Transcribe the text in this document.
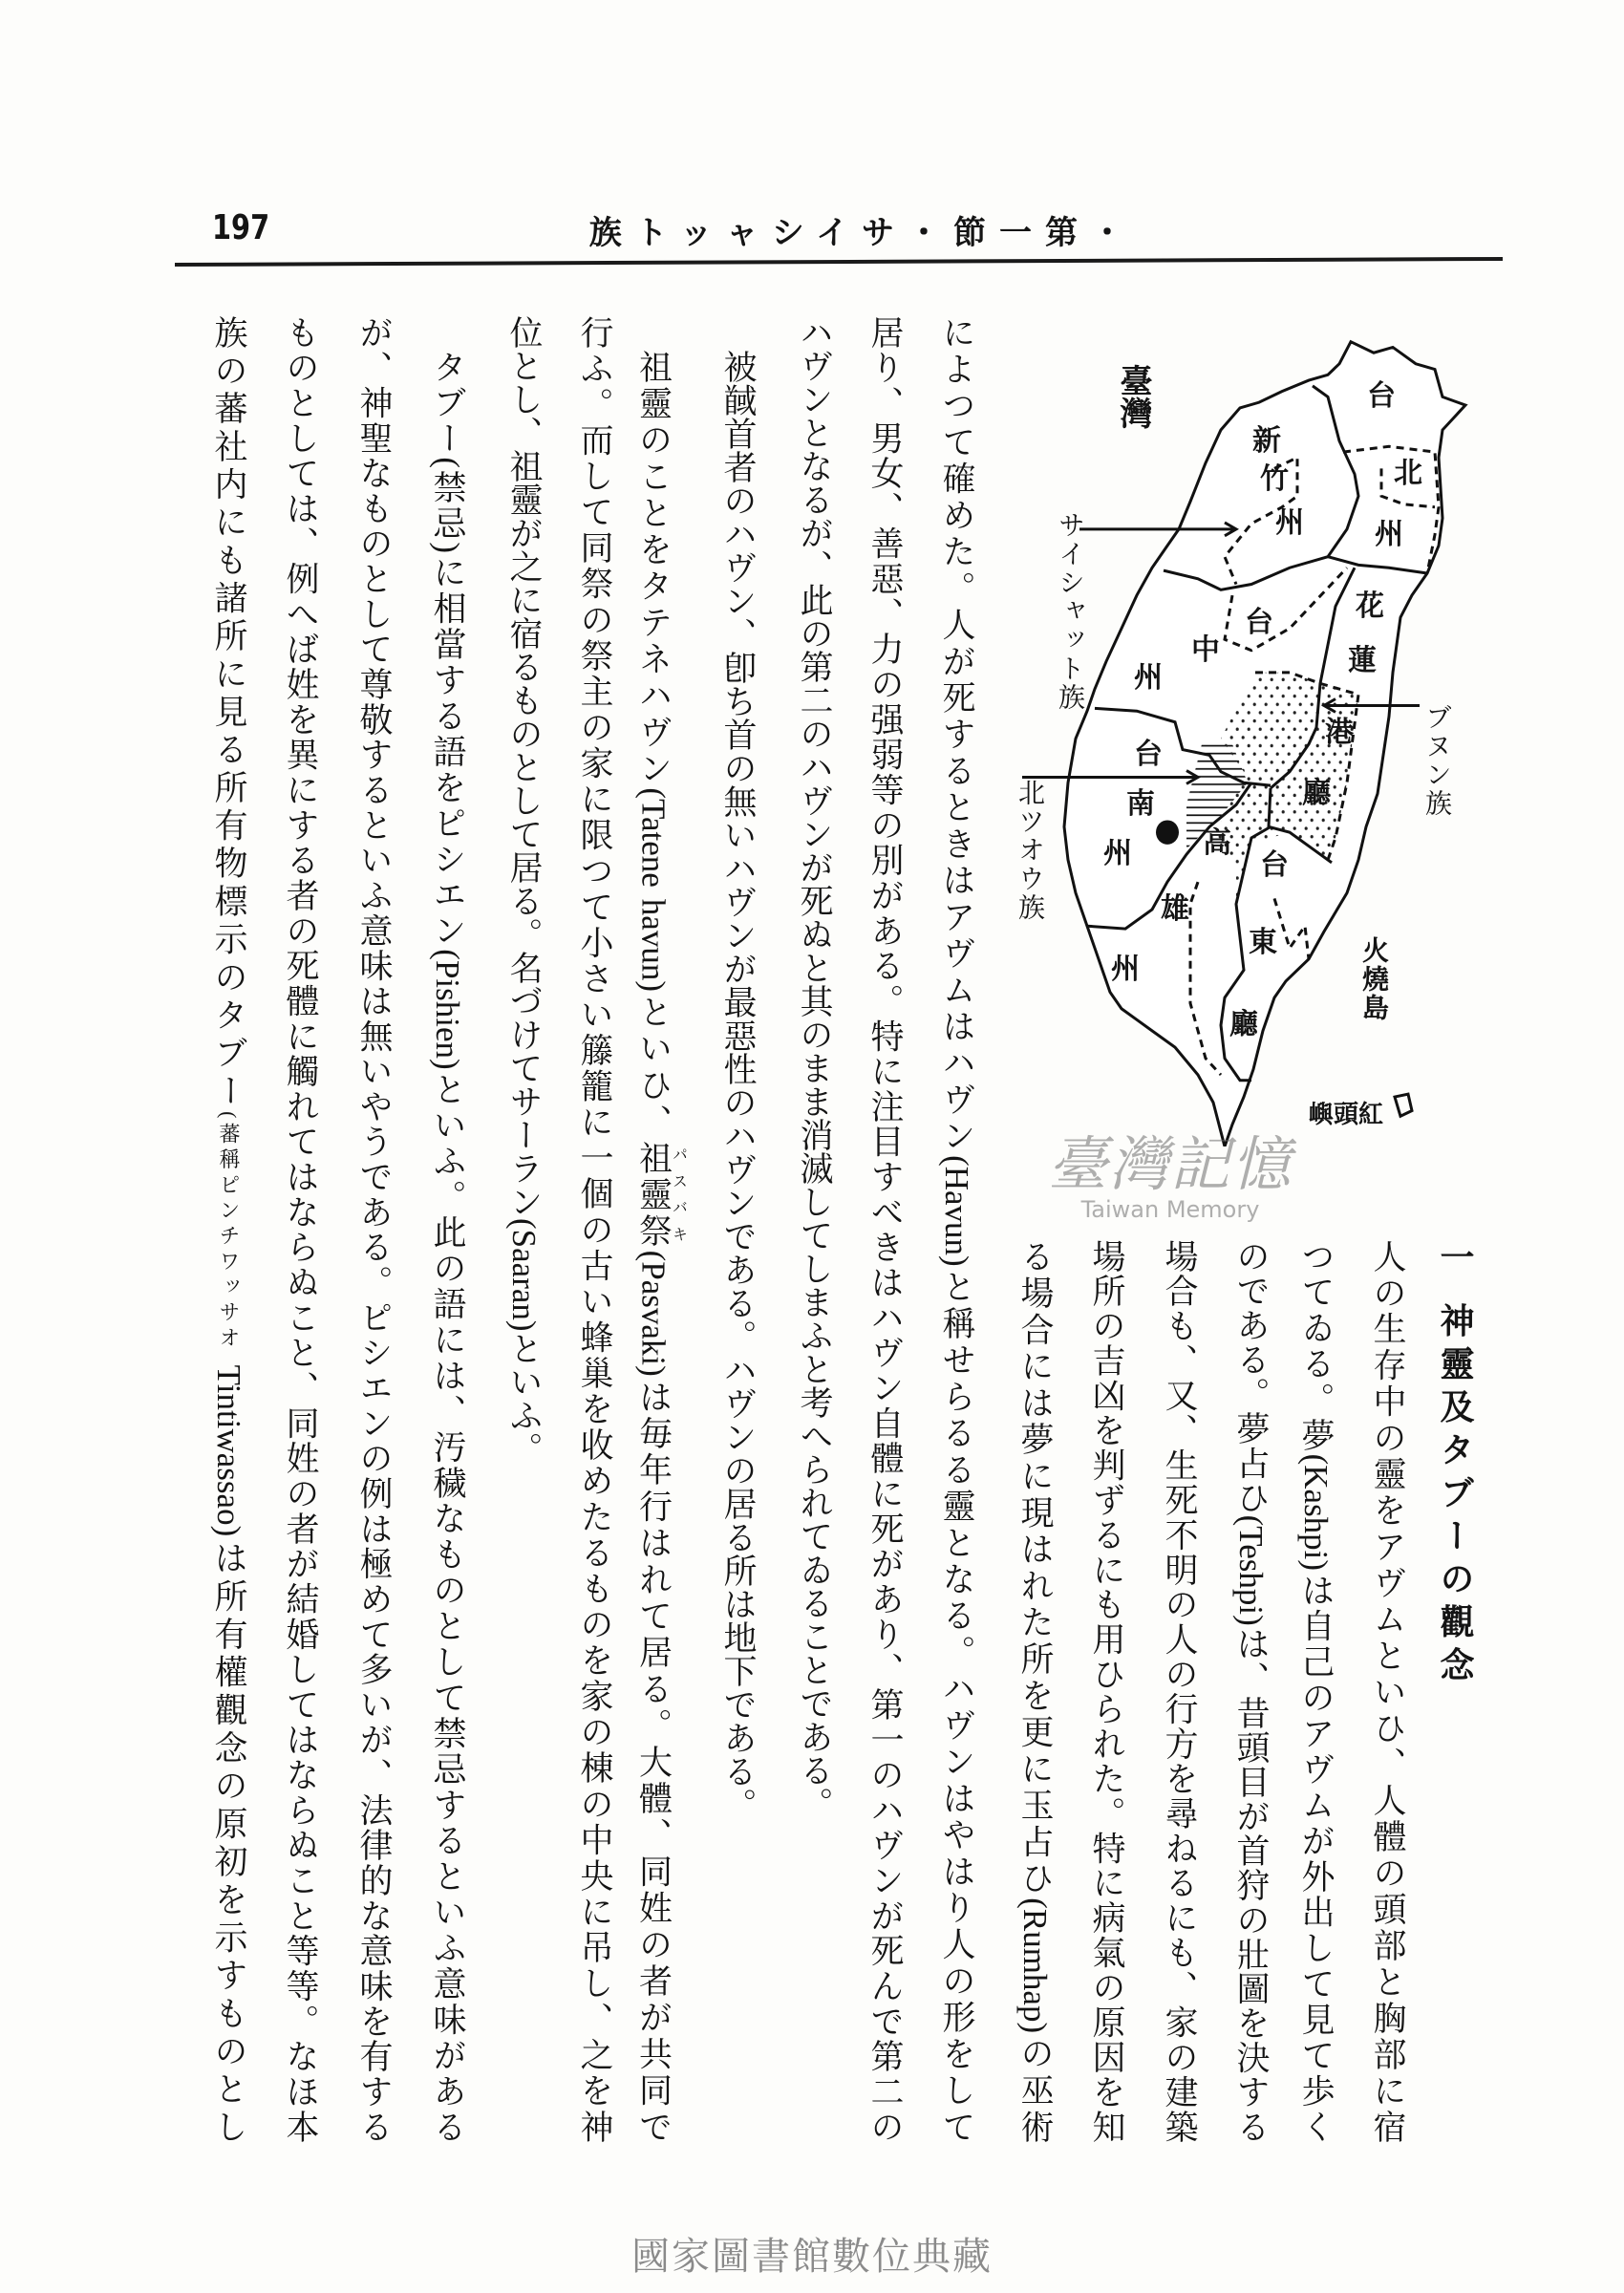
197	・第一節・サイシャット族
一 神靈及タブーの觀念
人の生存中の靈をアヴムといひ、人體の頭部と胸部に宿
つてゐる。夢(Kashpi)は自己のアヴムが外出して見て歩く
のである。夢占ひ(Teshpi)は、昔頭目が首狩の壯圖を決する
場合も、又、生死不明の人の行方を尋ねるにも、家の建築
場所の吉凶を判ずるにも用ひられた。特に病氣の原因を知
る場合には夢に現はれた所を更に玉占ひ(Rumhap)の巫術
によつて確めた。人が死するときはアヴムはハヴン(Havun)と稱せらるる靈となる。ハヴンはやはり人の形をして
居り、男女、善惡、力の强弱等の別がある。特に注目すべきはハヴン自體に死があり、第一のハヴンが死んで第二の
ハヴンとなるが、此の第二のハヴンが死ぬと其のまま消滅してしまふと考へられてゐることである。
被馘首者のハヴン、卽ち首の無いハヴンが最惡性のハヴンである。ハヴンの居る所は地下である。
祖靈のことをタテネハヴン(Tatene havun)といひ、祖靈祭パスバキ(Pasvaki)は毎年行はれて居る。大體、同姓の者が共同で
行ふ。而して同祭の祭主の家に限つて小さい籐籠に一個の古い蜂巢を收めたるものを家の棟の中央に吊し、之を神
位とし、祖靈が之に宿るものとして居る。名づけてサーラン(Saaran)といふ。
タブー(禁忌)に相當する語をピシエン(Pishien)といふ。此の語には、汚穢なものとして禁忌するといふ意味がある
が、神聖なものとして尊敬するといふ意味は無いやうである。ピシエンの例は極めて多いが、法律的な意味を有する
ものとしては、例へば姓を異にする者の死體に觸れてはならぬこと、同姓の者が結婚してはならぬこと等等。なほ本
族の蕃社内にも諸所に見る所有物標示のタブー(蕃稱ピンチワッサオ Tintiwassao)は所有權觀念の原初を示すものとし
臺灣	台
北
州
新
竹
州
台
中
州
花
蓮
港
廳
台
南
州 高
雄
州
台
東
廳
サイシャット族
ブヌン族
北ツオウ族
火燒島
紅頭嶼
臺灣記憶
Taiwan Memory
國家圖書館數位典藏
